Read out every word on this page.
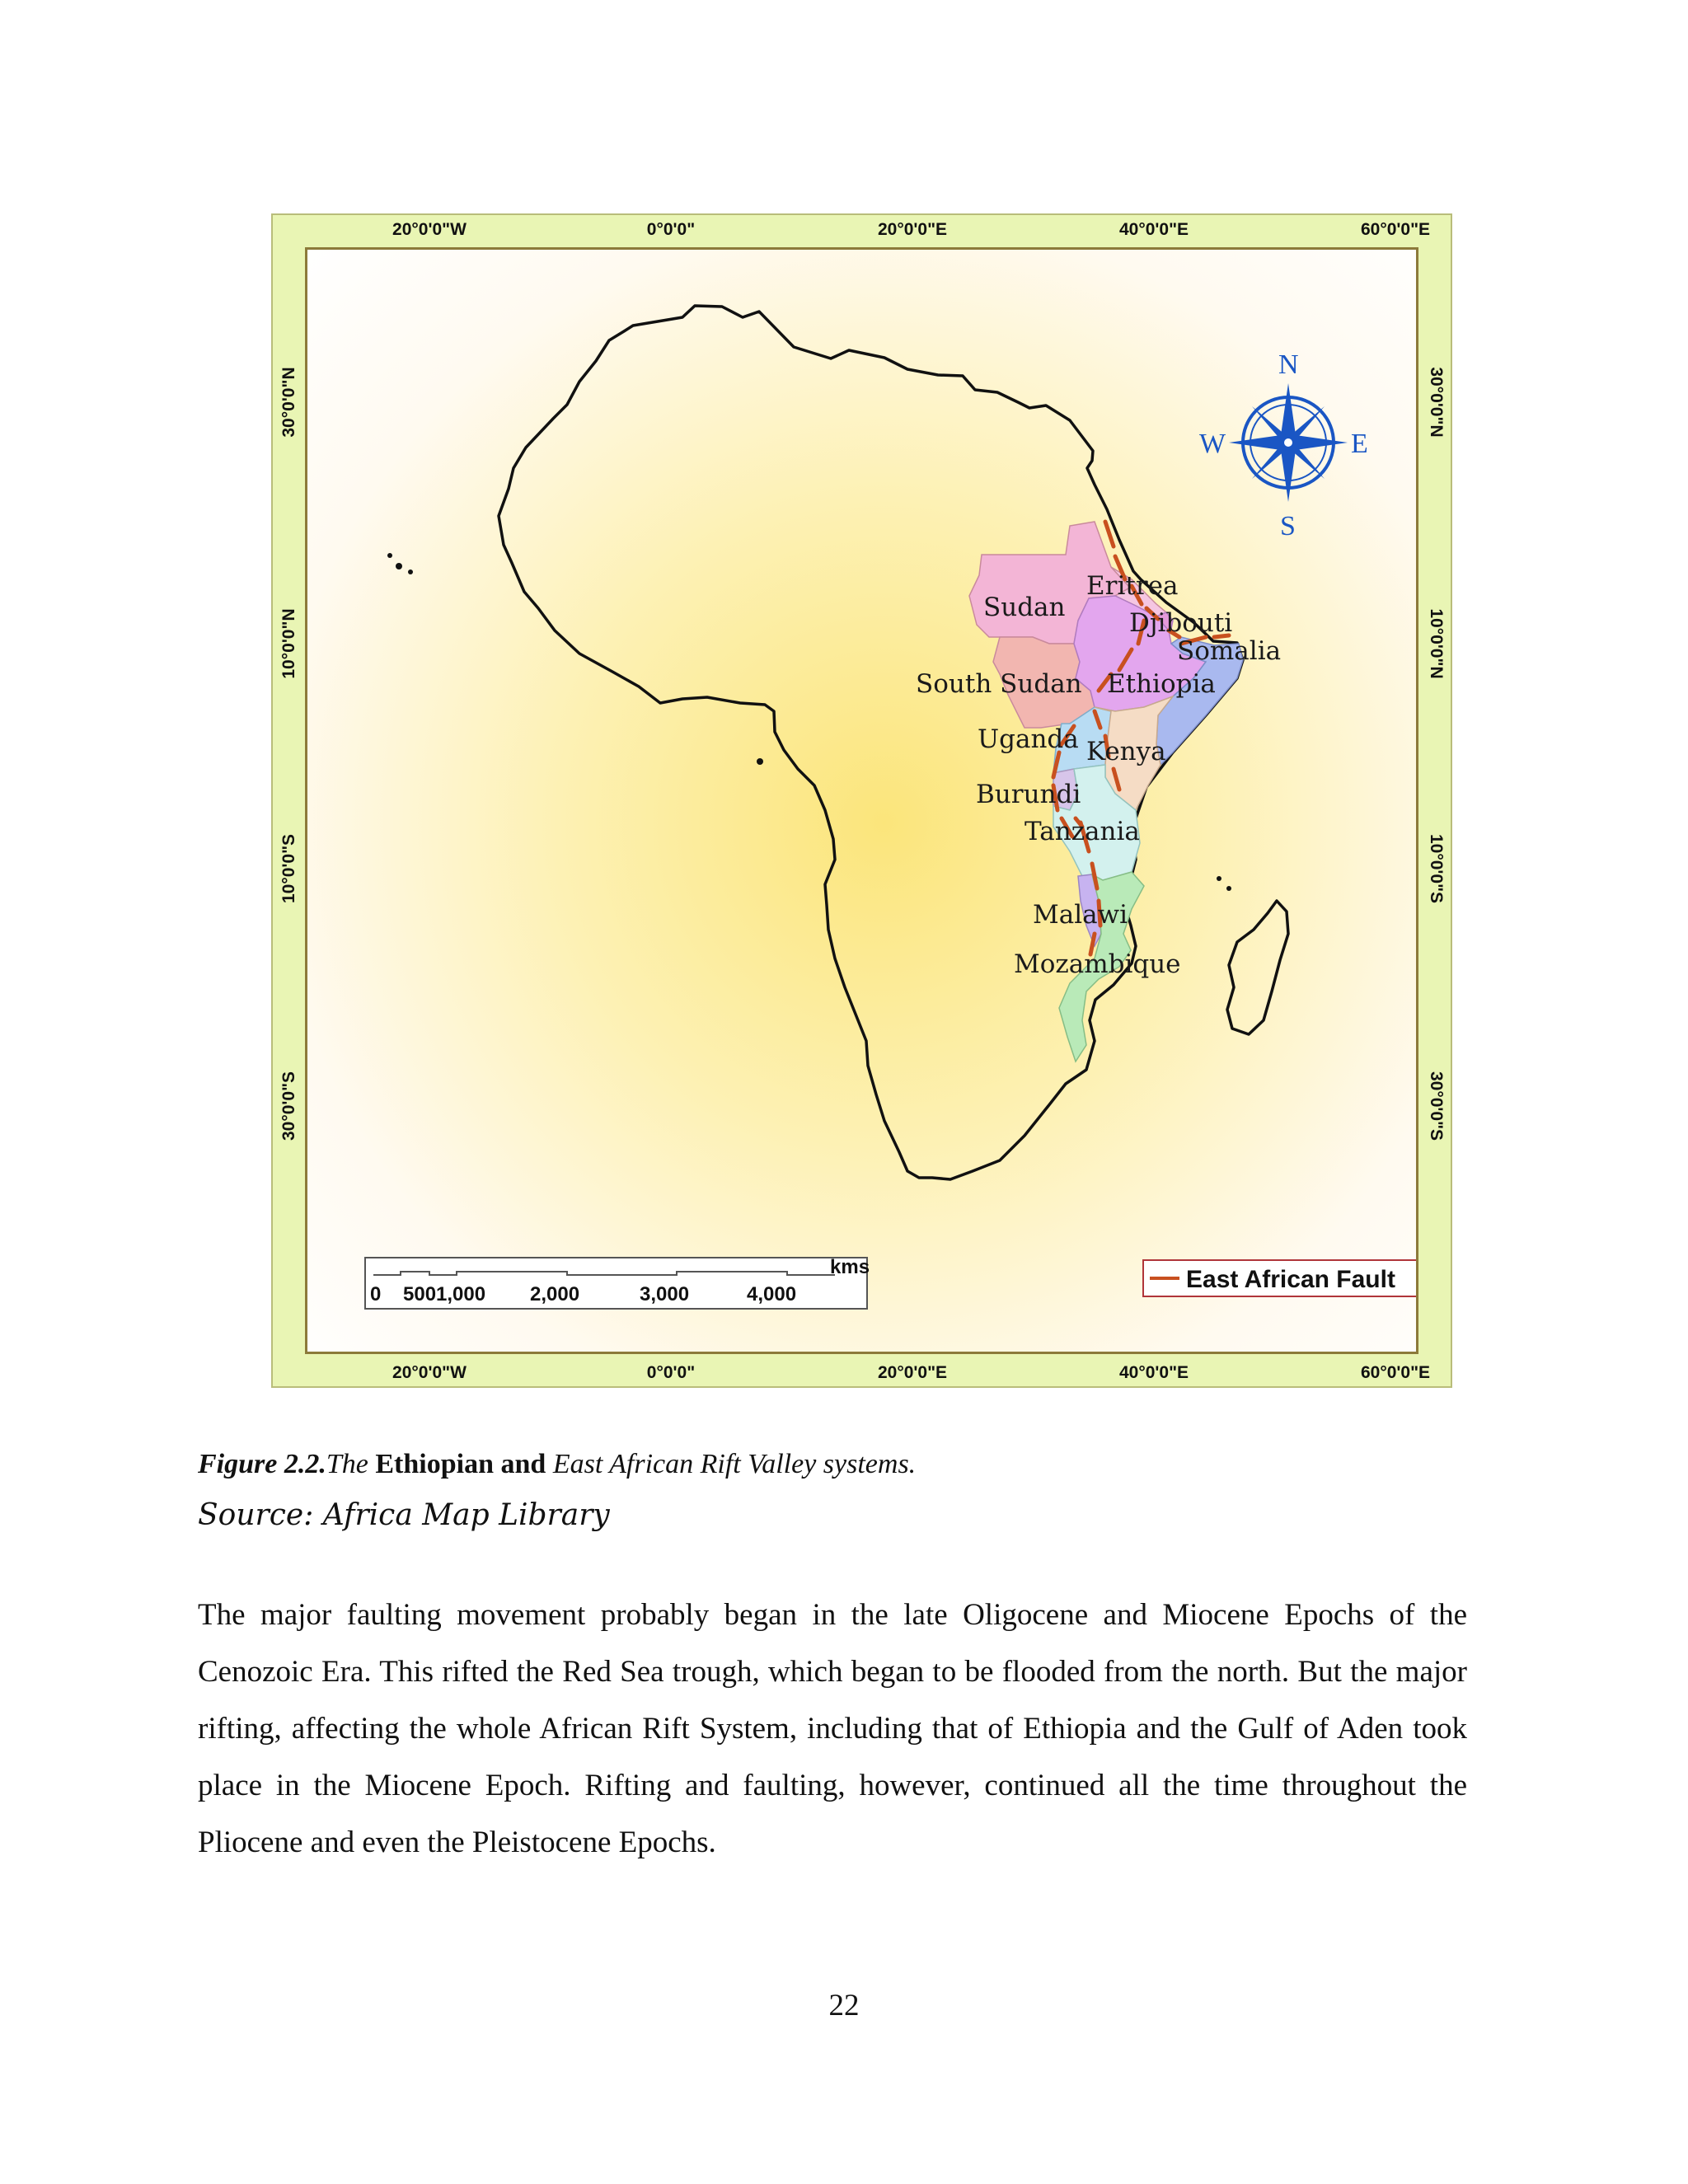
20°0'0"W	0°0'0"	20°0'0"E	40°0'0"E	60°0'0"E
20°0'0"W	0°0'0"	20°0'0"E	40°0'0"E	60°0'0"E
30°0'0"N
10°0'0"N
10°0'0"S
30°0'0"S
30°0'0"N
10°0'0"N
10°0'0"S
30°0'0"S
Sudan
Eritrea
Djibouti
Somalia
South Sudan Ethiopia
Uganda Kenya
Burundi
Tanzania
Malawi
Mozambique
N
S
E
W
kms
0 5001,000 2,000	3,000	4,000
East African Fault
Figure 2.2.The Ethiopian and East African Rift Valley systems.
Source: Africa Map Library

The major faulting movement probably began in the late Oligocene and Miocene Epochs of the Cenozoic Era. This rifted the Red Sea trough, which began to be flooded from the north. But the major rifting, affecting the whole African Rift System, including that of Ethiopia and the Gulf of Aden took place in the Miocene Epoch. Rifting and faulting, however, continued all the time throughout the Pliocene and even the Pleistocene Epochs.

22
